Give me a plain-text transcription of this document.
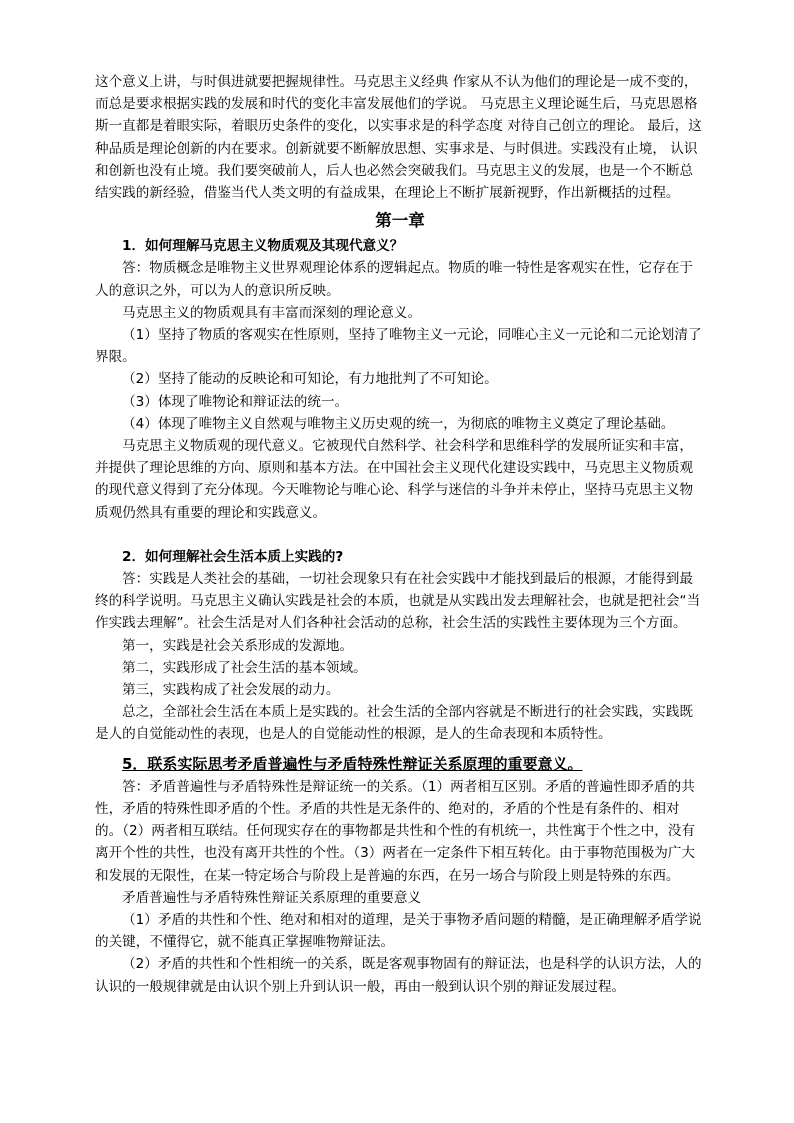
这个意义上讲，与时俱进就要把握规律性。马克思主义经典 作家从不认为他们的理论是一成不变的，而总是要求根据实践的发展和时代的变化丰富发展他们的学说。 马克思主义理论诞生后，马克思恩格斯一直都是着眼实际，着眼历史条件的变化，以实事求是的科学态度 对待自己创立的理论。 最后，这种品质是理论创新的内在要求。创新就要不断解放思想、实事求是、与时俱进。实践没有止境， 认识和创新也没有止境。我们要突破前人，后人也必然会突破我们。马克思主义的发展，也是一个不断总 结实践的新经验，借鉴当代人类文明的有益成果，在理论上不断扩展新视野，作出新概括的过程。

第一章

1．如何理解马克思主义物质观及其现代意义？

答：物质概念是唯物主义世界观理论体系的逻辑起点。物质的唯一特性是客观实在性，它存在于人的意识之外，可以为人的意识所反映。

马克思主义的物质观具有丰富而深刻的理论意义。

（1）坚持了物质的客观实在性原则，坚持了唯物主义一元论，同唯心主义一元论和二元论划清了界限。

（2）坚持了能动的反映论和可知论，有力地批判了不可知论。

（3）体现了唯物论和辩证法的统一。

（4）体现了唯物主义自然观与唯物主义历史观的统一，为彻底的唯物主义奠定了理论基础。

马克思主义物质观的现代意义。它被现代自然科学、社会科学和思维科学的发展所证实和丰富，并提供了理论思维的方向、原则和基本方法。在中国社会主义现代化建设实践中，马克思主义物质观的现代意义得到了充分体现。今天唯物论与唯心论、科学与迷信的斗争并未停止，坚持马克思主义物质观仍然具有重要的理论和实践意义。

2．如何理解社会生活本质上实践的?

答：实践是人类社会的基础，一切社会现象只有在社会实践中才能找到最后的根源，才能得到最终的科学说明。马克思主义确认实践是社会的本质，也就是从实践出发去理解社会，也就是把社会“当作实践去理解”。社会生活是对人们各种社会活动的总称，社会生活的实践性主要体现为三个方面。

第一，实践是社会关系形成的发源地。

第二，实践形成了社会生活的基本领域。

第三，实践构成了社会发展的动力。

总之，全部社会生活在本质上是实践的。社会生活的全部内容就是不断进行的社会实践，实践既是人的自觉能动性的表现，也是人的自觉能动性的根源，是人的生命表现和本质特性。

5．联系实际思考矛盾普遍性与矛盾特殊性辩证关系原理的重要意义。

答：矛盾普遍性与矛盾特殊性是辩证统一的关系。（1）两者相互区别。矛盾的普遍性即矛盾的共性，矛盾的特殊性即矛盾的个性。矛盾的共性是无条件的、绝对的，矛盾的个性是有条件的、相对的。（2）两者相互联结。任何现实存在的事物都是共性和个性的有机统一，共性寓于个性之中，没有离开个性的共性，也没有离开共性的个性。（3）两者在一定条件下相互转化。由于事物范围极为广大和发展的无限性，在某一特定场合与阶段上是普遍的东西，在另一场合与阶段上则是特殊的东西。

矛盾普遍性与矛盾特殊性辩证关系原理的重要意义

（1）矛盾的共性和个性、绝对和相对的道理，是关于事物矛盾问题的精髓，是正确理解矛盾学说的关键，不懂得它，就不能真正掌握唯物辩证法。

（2）矛盾的共性和个性相统一的关系，既是客观事物固有的辩证法，也是科学的认识方法，人的认识的一般规律就是由认识个别上升到认识一般，再由一般到认识个别的辩证发展过程。
